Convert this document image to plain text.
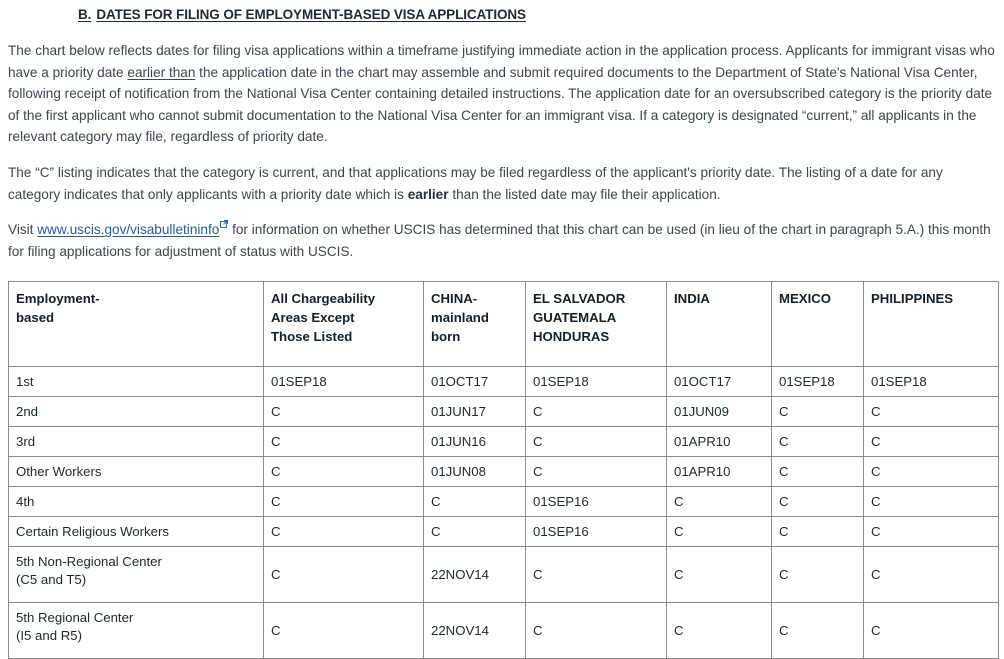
B. DATES FOR FILING OF EMPLOYMENT-BASED VISA APPLICATIONS

The chart below reflects dates for filing visa applications within a timeframe justifying immediate action in the application process. Applicants for immigrant visas who have a priority date earlier than the application date in the chart may assemble and submit required documents to the Department of State's National Visa Center, following receipt of notification from the National Visa Center containing detailed instructions. The application date for an oversubscribed category is the priority date of the first applicant who cannot submit documentation to the National Visa Center for an immigrant visa. If a category is designated “current,” all applicants in the relevant category may file, regardless of priority date.

The “C” listing indicates that the category is current, and that applications may be filed regardless of the applicant's priority date. The listing of a date for any category indicates that only applicants with a priority date which is earlier than the listed date may file their application.

Visit www.uscis.gov/visabulletininfo
for information on whether USCIS has determined that this chart can be used (in lieu of the chart in paragraph 5.A.) this month for filing applications for adjustment of status with USCIS.

Employment-
based	All Chargeability
Areas Except
Those Listed	CHINA-
mainland
born	EL SALVADOR
GUATEMALA
HONDURAS	INDIA	MEXICO	PHILIPPINES

1st	01SEP18	01OCT17	01SEP18	01OCT17	01SEP18	01SEP18

2nd	C	01JUN17	C	01JUN09	C	C

3rd	C	01JUN16	C	01APR10	C	C

Other Workers	C	01JUN08	C	01APR10	C	C

4th	C	C	01SEP16	C	C	C

Certain Religious Workers	C	C	01SEP16	C	C	C

5th Non-Regional Center
(C5 and T5)	C	22NOV14	C	C	C	C

5th Regional Center
(I5 and R5)	C	22NOV14	C	C	C	C
